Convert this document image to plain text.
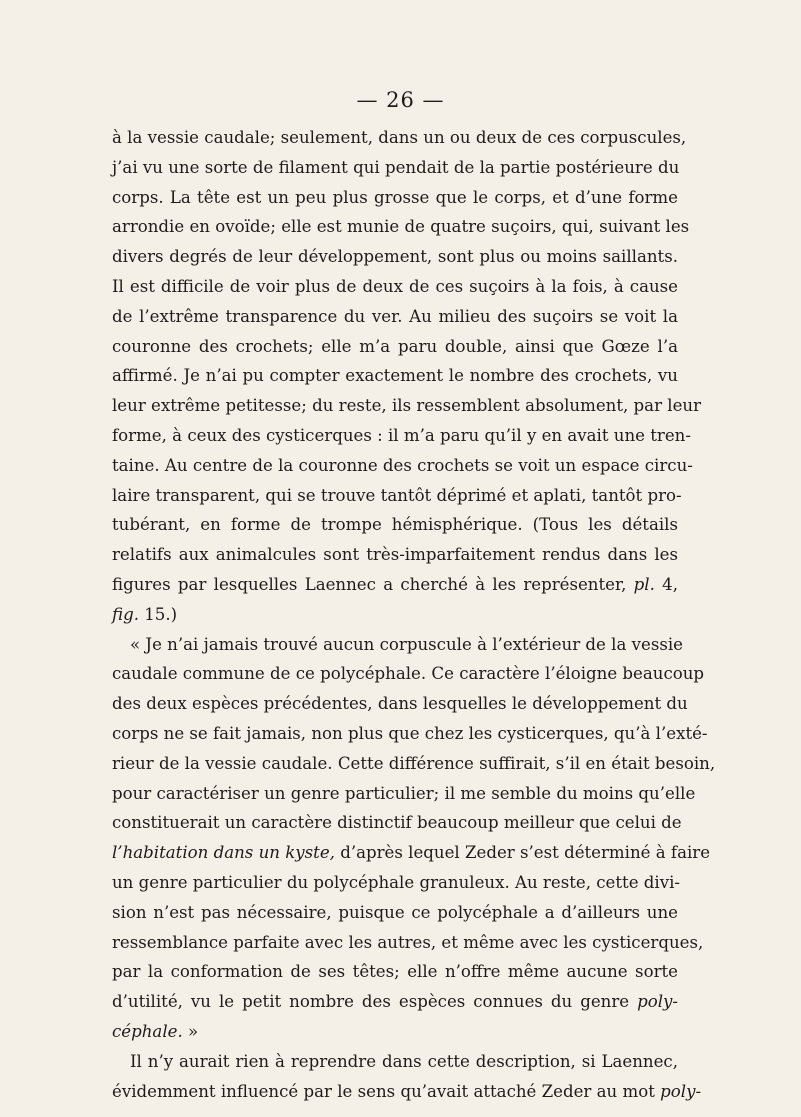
— 26 —
à la vessie caudale; seulement, dans un ou deux de ces corpuscules,
j’ai vu une sorte de filament qui pendait de la partie postérieure du
corps. La tête est un peu plus grosse que le corps, et d’une forme
arrondie en ovoïde; elle est munie de quatre suçoirs, qui, suivant les
divers degrés de leur développement, sont plus ou moins saillants.
Il est difficile de voir plus de deux de ces suçoirs à la fois, à cause
de l’extrême transparence du ver. Au milieu des suçoirs se voit la
couronne des crochets; elle m’a paru double, ainsi que Gœze l’a
affirmé. Je n’ai pu compter exactement le nombre des crochets, vu
leur extrême petitesse; du reste, ils ressemblent absolument, par leur
forme, à ceux des cysticerques : il m’a paru qu’il y en avait une tren-
taine. Au centre de la couronne des crochets se voit un espace circu-
laire transparent, qui se trouve tantôt déprimé et aplati, tantôt pro-
tubérant, en forme de trompe hémisphérique. (Tous les détails
relatifs aux animalcules sont très-imparfaitement rendus dans les
figures par lesquelles Laennec a cherché à les représenter, pl. 4,
fig. 15.)
« Je n’ai jamais trouvé aucun corpuscule à l’extérieur de la vessie
caudale commune de ce polycéphale. Ce caractère l’éloigne beaucoup
des deux espèces précédentes, dans lesquelles le développement du
corps ne se fait jamais, non plus que chez les cysticerques, qu’à l’exté-
rieur de la vessie caudale. Cette différence suffirait, s’il en était besoin,
pour caractériser un genre particulier; il me semble du moins qu’elle
constituerait un caractère distinctif beaucoup meilleur que celui de
l’habitation dans un kyste, d’après lequel Zeder s’est déterminé à faire
un genre particulier du polycéphale granuleux. Au reste, cette divi-
sion n’est pas nécessaire, puisque ce polycéphale a d’ailleurs une
ressemblance parfaite avec les autres, et même avec les cysticerques,
par la conformation de ses têtes; elle n’offre même aucune sorte
d’utilité, vu le petit nombre des espèces connues du genre poly-
céphale. »
Il n’y aurait rien à reprendre dans cette description, si Laennec,
évidemment influencé par le sens qu’avait attaché Zeder au mot poly-
